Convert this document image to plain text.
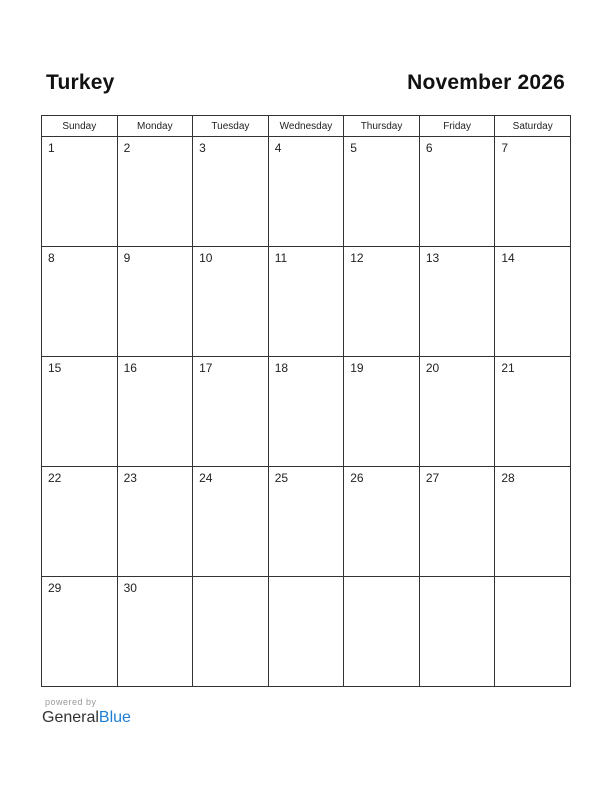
Turkey	November 2026
Sunday	Monday	Tuesday	Wednesday	Thursday	Friday	Saturday

1	2	3	4	5	6	7

8	9	10	11	12	13	14

15	16	17	18	19	20	21

22	23	24	25	26	27	28

29	30					

powered by
GeneralBlue
